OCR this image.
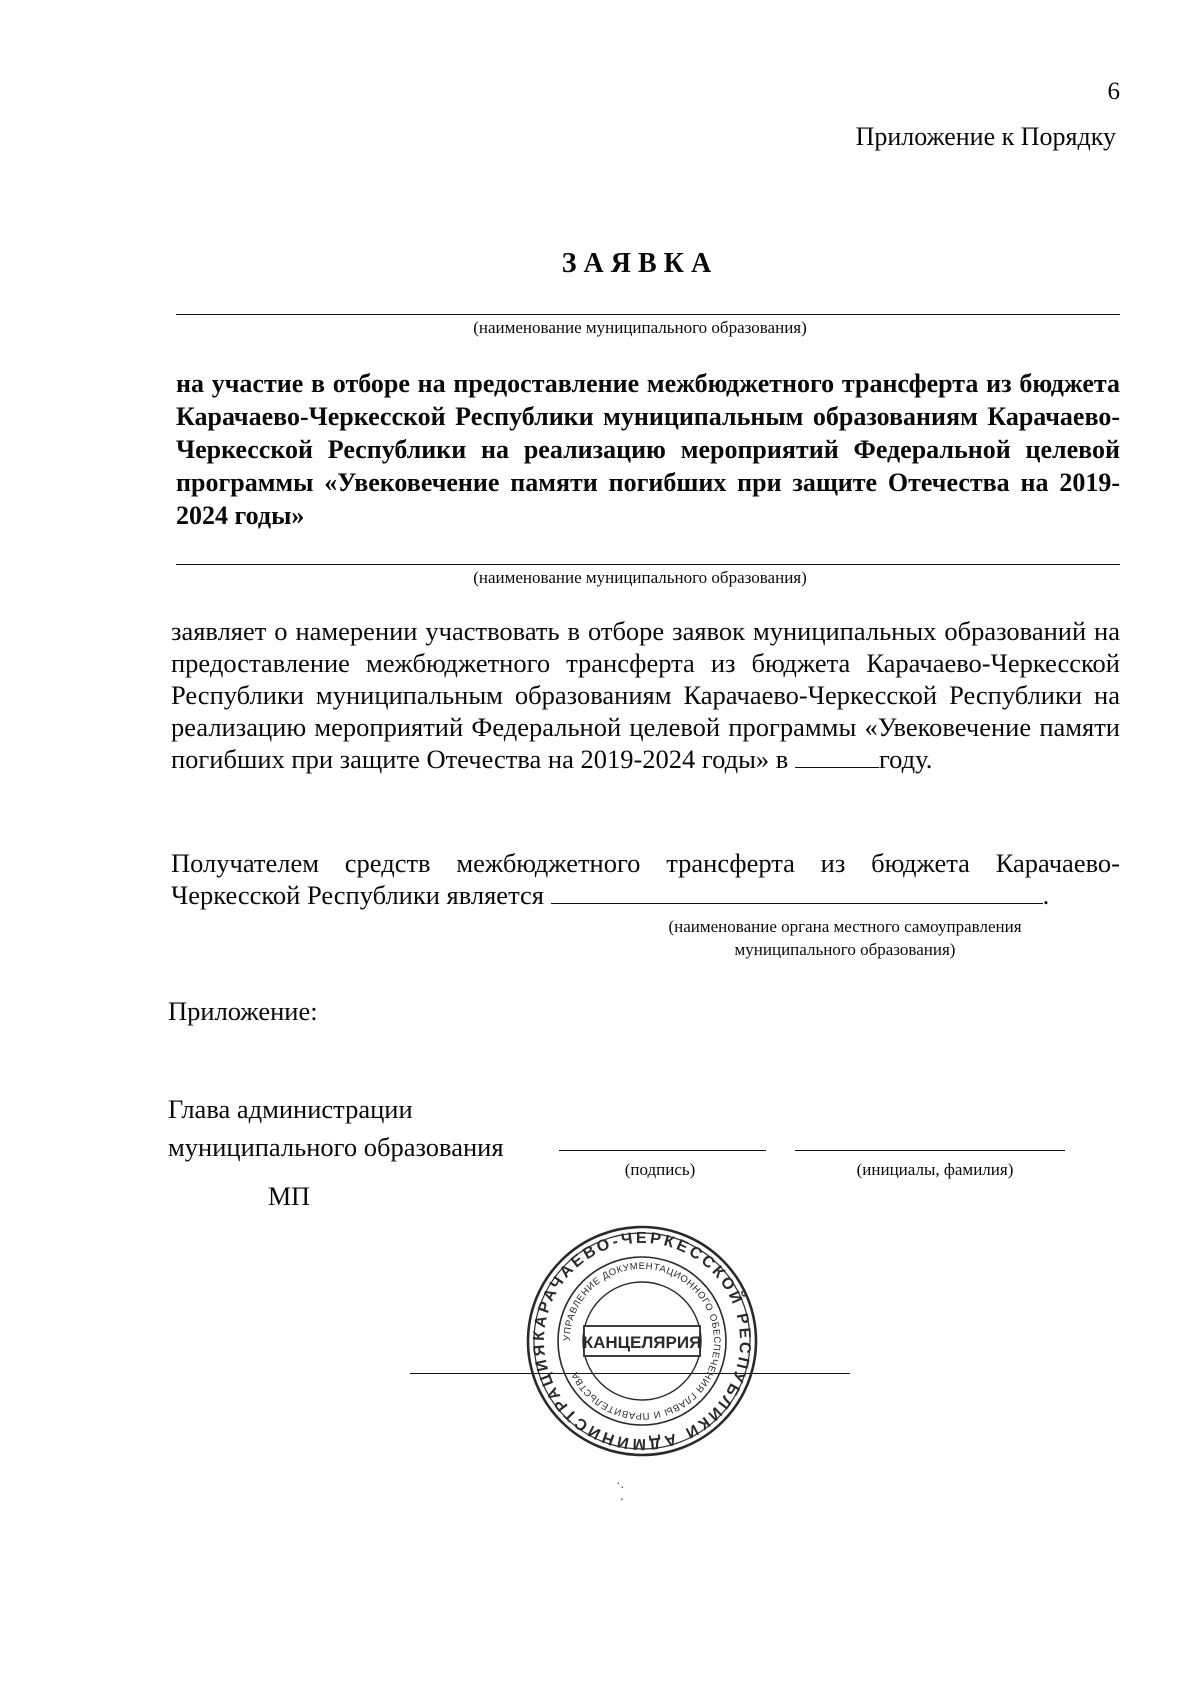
6
Приложение к Порядку
ЗАЯВКА
(наименование муниципального образования)
на участие в отборе на предоставление межбюджетного трансферта из бюджета Карачаево-Черкесской Республики муниципальным образованиям Карачаево-Черкесской Республики на реализацию мероприятий Федеральной целевой программы «Увековечение памяти погибших при защите Отечества на 2019-2024 годы»
(наименование муниципального образования)
заявляет о намерении участвовать в отборе заявок муниципальных образований на предоставление межбюджетного трансферта из бюджета Карачаево-Черкесской Республики муниципальным образованиям Карачаево-Черкесской Республики на реализацию мероприятий Федеральной целевой программы «Увековечение памяти погибших при защите Отечества на 2019-2024 годы» в	году.
Получателем средств межбюджетного трансферта из бюджета Карачаево-Черкесской Республики является	.
(наименование органа местного самоуправления
муниципального образования)
Приложение:
Глава администрации
муниципального образования
(подпись)	(инициалы, фамилия)
МП
КАРАЧАЕВО-ЧЕРКЕССКОЙ РЕСПУБЛИКИ АДМИНИСТРАЦИЯ
УПРАВЛЕНИЕ ДОКУМЕНТАЦИОННОГО ОБЕСПЕЧЕНИЯ ГЛАВЫ И ПРАВИТЕЛЬСТВА
КАНЦЕЛЯРИЯ
·.
·
